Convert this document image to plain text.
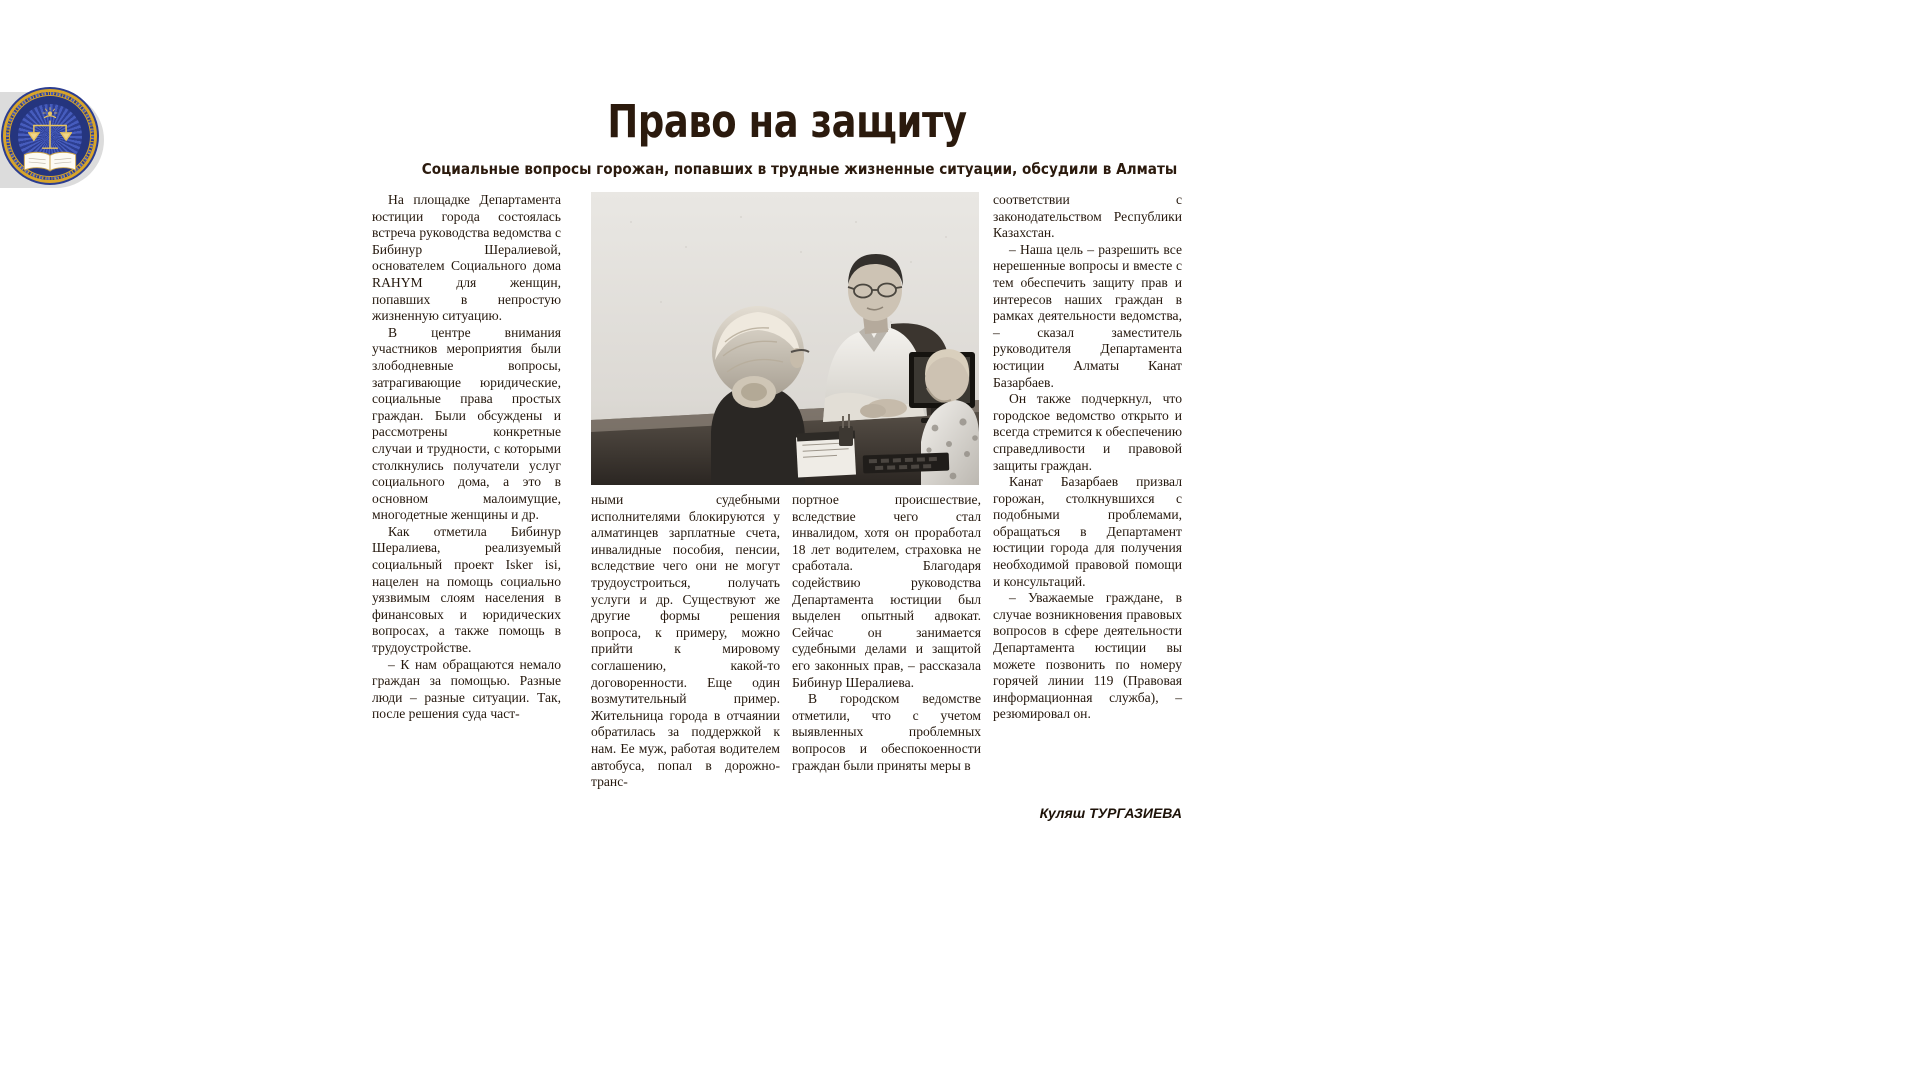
Право на защиту
Социальные вопросы горожан, попавших в трудные жизненные ситуации, обсудили в Алматы

На площадке Департамента юстиции города состоялась встреча руководства ведомства с Бибинур Шералиевой, основателем Социального дома RAHYM для женщин, попавших в непростую жизненную ситуацию.

В центре внимания участников мероприятия были злободневные вопросы, затрагивающие юридические, социальные права простых граждан. Были обсуждены и рассмотрены конкретные случаи и трудности, с которыми столкнулись получатели услуг социального дома, а это в основном малоимущие, многодетные женщины и др.

Как отметила Бибинур Шералиева, реализуемый социальный проект Isker isi, нацелен на помощь социально уязвимым слоям населения в финансовых и юридических вопросах, а также помощь в трудоустройстве.

– К нам обращаются немало граждан за помощью. Разные люди – разные ситуации. Так, после решения суда част-

ными судебными исполнителями блокируются у алматинцев зарплатные счета, инвалидные пособия, пенсии, вследствие чего они не могут трудоустроиться, получать услуги и др. Существуют же другие формы решения вопроса, к примеру, можно прийти к мировому соглашению, какой-то договоренности. Еще один возмутительный пример. Жительница города в отчаянии обратилась за поддержкой к нам. Ее муж, работая водителем автобуса, попал в дорожно-транс-

портное происшествие, вследствие чего стал инвалидом, хотя он проработал 18 лет водителем, страховка не сработала. Благодаря содействию руководства Департамента юстиции был выделен опытный адвокат. Сейчас он занимается судебными делами и защитой его законных прав, – рассказала Бибинур Шералиева.

В городском ведомстве отметили, что с учетом выявленных проблемных вопросов и обеспокоенности граждан были приняты меры в

соответствии с законодательством Республики Казахстан.

– Наша цель – разрешить все нерешенные вопросы и вместе с тем обеспечить защиту прав и интересов наших граждан в рамках деятельности ведомства, – сказал заместитель руководителя Департамента юстиции Алматы Канат Базарбаев.

Он также подчеркнул, что городское ведомство открыто и всегда стремится к обеспечению справедливости и правовой защиты граждан.

Канат Базарбаев призвал горожан, столкнувшихся с подобными проблемами, обращаться в Департамент юстиции города для получения необходимой правовой помощи и консультаций.

– Уважаемые граждане, в случае возникновения правовых вопросов в сфере деятельности Департамента юстиции вы можете позвонить по номеру горячей линии 119 (Правовая информационная служба), – резюмировал он.

Куляш ТУРГАЗИЕВА
